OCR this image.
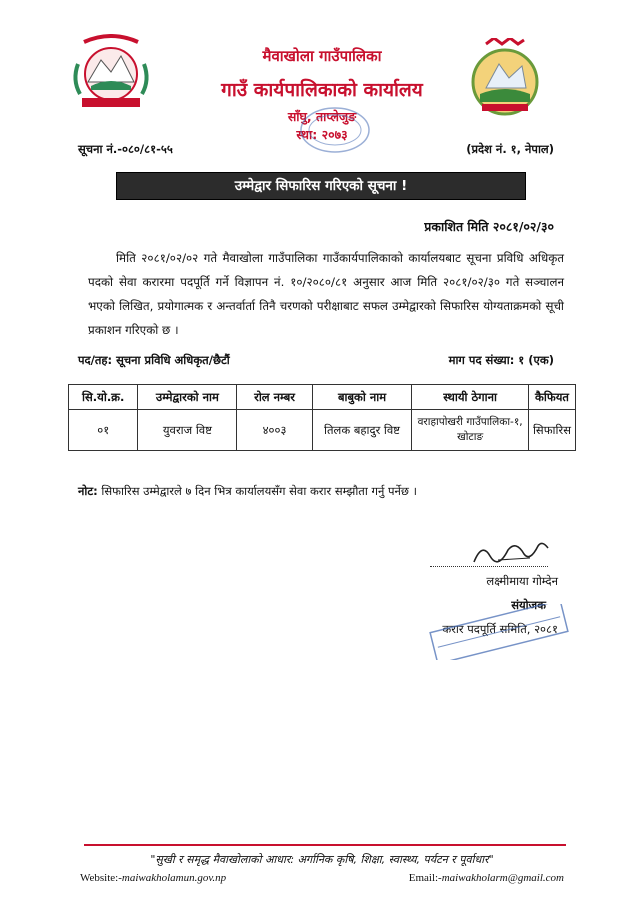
मैवाखोला गाउँपालिका
गाउँ कार्यपालिकाको कार्यालय
साँघु, ताप्लेजुङ
स्था: २०७३
सूचना नं.-०८०/८१-५५	(प्रदेश नं. १, नेपाल)
उम्मेद्वार सिफारिस गरिएको सूचना !
प्रकाशित मिति २०८१/०२/३०
मिति २०८१/०२/०२ गते मैवाखोला गाउँपालिका गाउँकार्यपालिकाको कार्यालयबाट सूचना प्रविधि अधिकृत पदको सेवा करारमा पदपूर्ति गर्ने विज्ञापन नं. १०/२०८०/८१ अनुसार आज मिति २०८१/०२/३० गते सञ्चालन भएको लिखित, प्रयोगात्मक र अन्तर्वार्ता तिनै चरणको परीक्षाबाट सफल उम्मेद्वारको सिफारिस योग्यताक्रमको सूची प्रकाशन गरिएको छ ।
पद/तह: सूचना प्रविधि अधिकृत/छैटौं	माग पद संख्या: १ (एक)
सि.यो.क्र.	उम्मेद्वारको नाम	रोल नम्बर	बाबुको नाम	स्थायी ठेगाना	कैफियत
०१	युवराज विष्ट	४००३	तिलक बहादुर विष्ट	वराहापोखरी गाउँपालिका-१, खोटाङ	सिफारिस
नोट: सिफारिस उम्मेद्वारले ७ दिन भित्र कार्यालयसँग सेवा करार सम्झौता गर्नु पर्नेछ ।
लक्ष्मीमाया गोम्देन
संयोजक
करार पदपूर्ति समिति, २०८१
"सुखी र समृद्ध मैवाखोलाको आधार: अर्गानिक कृषि, शिक्षा, स्वास्थ्य, पर्यटन र पूर्वाधार"
Website:-maiwakholamun.gov.np	Email:-maiwakholarm@gmail.com
